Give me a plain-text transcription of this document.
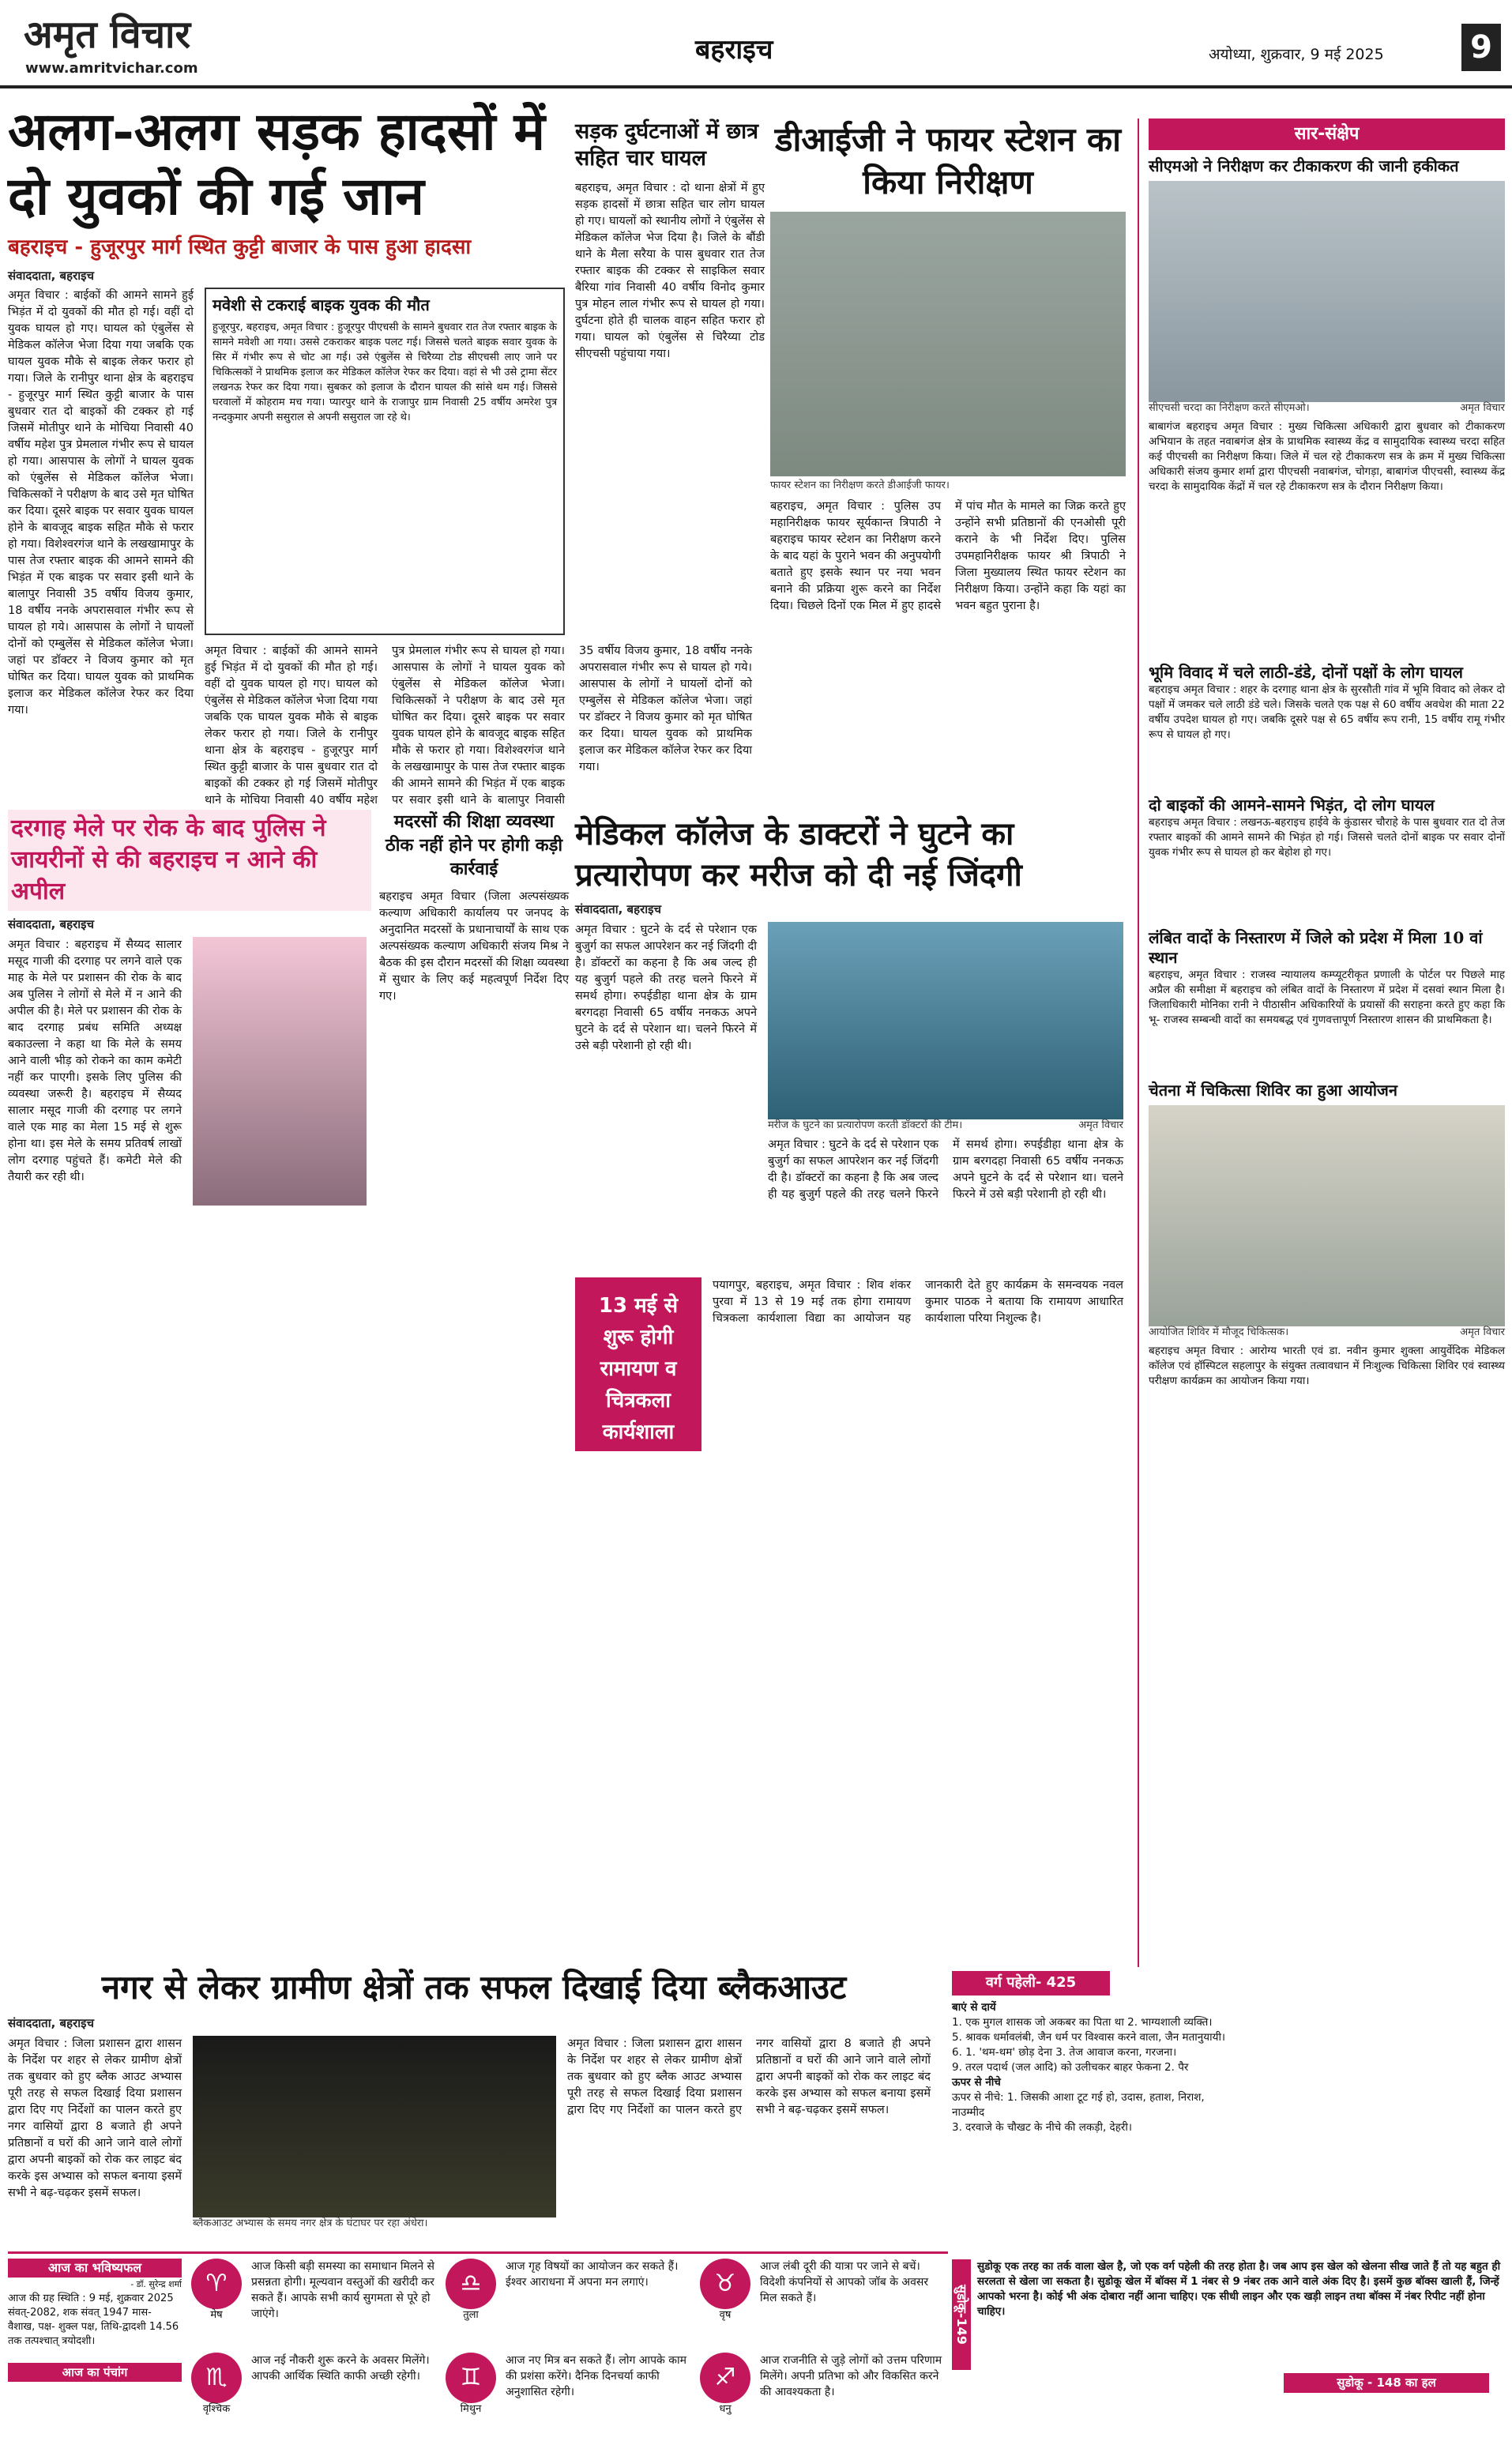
अमृत विचार
www.amritvichar.com
बहराइच	अयोध्या, शुक्रवार, 9 मई 2025	9
अलग-अलग सड़क हादसों में दो युवकों की गई जान
बहराइच - हुजूरपुर मार्ग स्थित कुट्टी बाजार के पास हुआ हादसा
संवाददाता, बहराइच
अमृत विचार : बाईकों की आमने सामने हुई भिड़ंत में दो युवकों की मौत हो गई। वहीं दो युवक घायल हो गए। घायल को एंबुलेंस से मेडिकल कॉलेज भेजा दिया गया जबकि एक घायल युवक मौके से बाइक लेकर फरार हो गया। जिले के रानीपुर थाना क्षेत्र के बहराइच - हुजूरपुर मार्ग स्थित कुट्टी बाजार के पास बुधवार रात दो बाइकों की टक्कर हो गई जिसमें मोतीपुर थाने के मोचिया निवासी 40 वर्षीय महेश पुत्र प्रेमलाल गंभीर रूप से घायल हो गया। आसपास के लोगों ने घायल युवक को एंबुलेंस से मेडिकल कॉलेज भेजा। चिकित्सकों ने परीक्षण के बाद उसे मृत घोषित कर दिया। दूसरे बाइक पर सवार युवक घायल होने के बावजूद बाइक सहित मौके से फरार हो गया। विशेश्वरगंज थाने के लखखामापुर के पास तेज रफ्तार बाइक की आमने सामने की भिड़ंत में एक बाइक पर सवार इसी थाने के बालापुर निवासी 35 वर्षीय विजय कुमार, 18 वर्षीय ननके अपरासवाल गंभीर रूप से घायल हो गये। आसपास के लोगों ने घायलों दोनों को एम्बुलेंस से मेडिकल कॉलेज भेजा। जहां पर डॉक्टर ने विजय कुमार को मृत घोषित कर दिया। घायल युवक को प्राथमिक इलाज कर मेडिकल कॉलेज रेफर कर दिया गया।
मवेशी से टकराई बाइक युवक की मौत
हुजूरपुर, बहराइच, अमृत विचार : हुजूरपुर पीएचसी के सामने बुधवार रात तेज रफ्तार बाइक के सामने मवेशी आ गया। उससे टकराकर बाइक पलट गई। जिससे चलते बाइक सवार युवक के सिर में गंभीर रूप से चोट आ गई। उसे एंबुलेंस से चिरैय्या टोड सीएचसी लाए जाने पर चिकित्सकों ने प्राथमिक इलाज कर मेडिकल कॉलेज रेफर कर दिया। वहां से भी उसे ट्रामा सेंटर लखनऊ रेफर कर दिया गया। सुबकर को इलाज के दौरान घायल की सांसे थम गई। जिससे घरवालों में कोहराम मच गया। प्यारपुर थाने के राजापुर ग्राम निवासी 25 वर्षीय अमरेश पुत्र नन्दकुमार अपनी ससुराल से अपनी ससुराल जा रहे थे।
अमृत विचार : बाईकों की आमने सामने हुई भिड़ंत में दो युवकों की मौत हो गई। वहीं दो युवक घायल हो गए। घायल को एंबुलेंस से मेडिकल कॉलेज भेजा दिया गया जबकि एक घायल युवक मौके से बाइक लेकर फरार हो गया। जिले के रानीपुर थाना क्षेत्र के बहराइच - हुजूरपुर मार्ग स्थित कुट्टी बाजार के पास बुधवार रात दो बाइकों की टक्कर हो गई जिसमें मोतीपुर थाने के मोचिया निवासी 40 वर्षीय महेश पुत्र प्रेमलाल गंभीर रूप से घायल हो गया। आसपास के लोगों ने घायल युवक को एंबुलेंस से मेडिकल कॉलेज भेजा। चिकित्सकों ने परीक्षण के बाद उसे मृत घोषित कर दिया। दूसरे बाइक पर सवार युवक घायल होने के बावजूद बाइक सहित मौके से फरार हो गया। विशेश्वरगंज थाने के लखखामापुर के पास तेज रफ्तार बाइक की आमने सामने की भिड़ंत में एक बाइक पर सवार इसी थाने के बालापुर निवासी 35 वर्षीय विजय कुमार, 18 वर्षीय ननके अपरासवाल गंभीर रूप से घायल हो गये। आसपास के लोगों ने घायलों दोनों को एम्बुलेंस से मेडिकल कॉलेज भेजा। जहां पर डॉक्टर ने विजय कुमार को मृत घोषित कर दिया। घायल युवक को प्राथमिक इलाज कर मेडिकल कॉलेज रेफर कर दिया गया।
सड़क दुर्घटनाओं में छात्र सहित चार घायल
बहराइच, अमृत विचार : दो थाना क्षेत्रों में हुए सड़क हादसों में छात्रा सहित चार लोग घायल हो गए। घायलों को स्थानीय लोगों ने एंबुलेंस से मेडिकल कॉलेज भेज दिया है। जिले के बौंडी थाने के मैला सरैया के पास बुधवार रात तेज रफ्तार बाइक की टक्कर से साइकिल सवार बैरिया गांव निवासी 40 वर्षीय विनोद कुमार पुत्र मोहन लाल गंभीर रूप से घायल हो गया। दुर्घटना होते ही चालक वाहन सहित फरार हो गया। घायल को एंबुलेंस से चिरैय्या टोड सीएचसी पहुंचाया गया।
डीआईजी ने फायर स्टेशन का किया निरीक्षण
फायर स्टेशन का निरीक्षण करते डीआईजी फायर।
बहराइच, अमृत विचार : पुलिस उप महानिरीक्षक फायर सूर्यकान्त त्रिपाठी ने बहराइच फायर स्टेशन का निरीक्षण करने के बाद यहां के पुराने भवन की अनुपयोगी बताते हुए इसके स्थान पर नया भवन बनाने की प्रक्रिया शुरू करने का निर्देश दिया। चिछले दिनों एक मिल में हुए हादसे में पांच मौत के मामले का जिक्र करते हुए उन्होंने सभी प्रतिष्ठानों की एनओसी पूरी कराने के भी निर्देश दिए। पुलिस उपमहानिरीक्षक फायर श्री त्रिपाठी ने जिला मुख्यालय स्थित फायर स्टेशन का निरीक्षण किया। उन्होंने कहा कि यहां का भवन बहुत पुराना है।
सार-संक्षेप
सीएमओ ने निरीक्षण कर टीकाकरण की जानी हकीकत
सीएचसी चरदा का निरीक्षण करते सीएमओ।	अमृत विचार
बाबागंज बहराइच अमृत विचार : मुख्य चिकित्सा अधिकारी द्वारा बुधवार को टीकाकरण अभियान के तहत नवाबगंज क्षेत्र के प्राथमिक स्वास्थ्य केंद्र व सामुदायिक स्वास्थ्य चरदा सहित कई पीएचसी का निरीक्षण किया। जिले में चल रहे टीकाकरण सत्र के क्रम में मुख्य चिकित्सा अधिकारी संजय कुमार शर्मा द्वारा पीएचसी नवाबगंज, चोगड़ा, बाबागंज पीएचसी, स्वास्थ्य केंद्र चरदा के सामुदायिक केंद्रों में चल रहे टीकाकरण सत्र के दौरान निरीक्षण किया।
भूमि विवाद में चले लाठी-डंडे, दोनों पक्षों के लोग घायल
बहराइच अमृत विचार : शहर के दरगाह थाना क्षेत्र के सुरसौती गांव में भूमि विवाद को लेकर दो पक्षों में जमकर चले लाठी डंडे चले। जिसके चलते एक पक्ष से 60 वर्षीय अवधेश की माता 22 वर्षीय उपदेश घायल हो गए। जबकि दूसरे पक्ष से 65 वर्षीय रूप रानी, 15 वर्षीय रामू गंभीर रूप से घायल हो गए।
दो बाइकों की आमने-सामने भिड़ंत, दो लोग घायल
बहराइच अमृत विचार : लखनऊ-बहराइच हाईवे के कुंडासर चौराहे के पास बुधवार रात दो तेज रफ्तार बाइकों की आमने सामने की भिड़ंत हो गई। जिससे चलते दोनों बाइक पर सवार दोनों युवक गंभीर रूप से घायल हो कर बेहोश हो गए।
लंबित वादों के निस्तारण में जिले को प्रदेश में मिला 10 वां स्थान
बहराइच, अमृत विचार : राजस्व न्यायालय कम्प्यूटरीकृत प्रणाली के पोर्टल पर पिछले माह अप्रैल की समीक्षा में बहराइच को लंबित वादों के निस्तारण में प्रदेश में दसवां स्थान मिला है। जिलाधिकारी मोनिका रानी ने पीठासीन अधिकारियों के प्रयासों की सराहना करते हुए कहा कि भू- राजस्व सम्बन्धी वादों का समयबद्ध एवं गुणवत्तापूर्ण निस्तारण शासन की प्राथमिकता है।
चेतना में चिकित्सा शिविर का हुआ आयोजन
आयोजित शिविर में मौजूद चिकित्सक।	अमृत विचार
बहराइच अमृत विचार : आरोग्य भारती एवं डा. नवीन कुमार शुक्ला आयुर्वेदिक मेडिकल कॉलेज एवं हॉस्पिटल सहलापुर के संयुक्त तत्वावधान में निःशुल्क चिकित्सा शिविर एवं स्वास्थ्य परीक्षण कार्यक्रम का आयोजन किया गया।
दरगाह मेले पर रोक के बाद पुलिस ने जायरीनों से की बहराइच न आने की अपील
संवाददाता, बहराइच
अमृत विचार : बहराइच में सैय्यद सालार मसूद गाजी की दरगाह पर लगने वाले एक माह के मेले पर प्रशासन की रोक के बाद अब पुलिस ने लोगों से मेले में न आने की अपील की है। मेले पर प्रशासन की रोक के बाद दरगाह प्रबंध समिति अध्यक्ष बकाउल्ला ने कहा था कि मेले के समय आने वाली भीड़ को रोकने का काम कमेटी नहीं कर पाएगी। इसके लिए पुलिस की व्यवस्था जरूरी है। बहराइच में सैय्यद सालार मसूद गाजी की दरगाह पर लगने वाले एक माह का मेला 15 मई से शुरू होना था। इस मेले के समय प्रतिवर्ष लाखों लोग दरगाह पहुंचते हैं। कमेटी मेले की तैयारी कर रही थी।
मदरसों की शिक्षा व्यवस्था ठीक नहीं होने पर होगी कड़ी कार्रवाई
बहराइच अमृत विचार (जिला अल्पसंख्यक कल्याण अधिकारी कार्यालय पर जनपद के अनुदानित मदरसों के प्रधानाचार्यों के साथ एक अल्पसंख्यक कल्याण अधिकारी संजय मिश्र ने बैठक की इस दौरान मदरसों की शिक्षा व्यवस्था में सुधार के लिए कई महत्वपूर्ण निर्देश दिए गए।
मेडिकल कॉलेज के डाक्टरों ने घुटने का प्रत्यारोपण कर मरीज को दी नई जिंदगी
संवाददाता, बहराइच
अमृत विचार : घुटने के दर्द से परेशान एक बुजुर्ग का सफल आपरेशन कर नई जिंदगी दी है। डॉक्टरों का कहना है कि अब जल्द ही यह बुजुर्ग पहले की तरह चलने फिरने में समर्थ होगा। रुपईडीहा थाना क्षेत्र के ग्राम बरगदहा निवासी 65 वर्षीय ननकऊ अपने घुटने के दर्द से परेशान था। चलने फिरने में उसे बड़ी परेशानी हो रही थी।
मरीज के घुटने का प्रत्यारोपण करती डॉक्टरों की टीम।	अमृत विचार
अमृत विचार : घुटने के दर्द से परेशान एक बुजुर्ग का सफल आपरेशन कर नई जिंदगी दी है। डॉक्टरों का कहना है कि अब जल्द ही यह बुजुर्ग पहले की तरह चलने फिरने में समर्थ होगा। रुपईडीहा थाना क्षेत्र के ग्राम बरगदहा निवासी 65 वर्षीय ननकऊ अपने घुटने के दर्द से परेशान था। चलने फिरने में उसे बड़ी परेशानी हो रही थी।
13 मई से शुरू होगी रामायण व चित्रकला कार्यशाला
पयागपुर, बहराइच, अमृत विचार : शिव शंकर पुरवा में 13 से 19 मई तक होगा रामायण चित्रकला कार्यशाला विद्या का आयोजन यह जानकारी देते हुए कार्यक्रम के समन्वयक नवल कुमार पाठक ने बताया कि रामायण आधारित कार्यशाला परिया निशुल्क है।
नगर से लेकर ग्रामीण क्षेत्रों तक सफल दिखाई दिया ब्लैकआउट
संवाददाता, बहराइच
अमृत विचार : जिला प्रशासन द्वारा शासन के निर्देश पर शहर से लेकर ग्रामीण क्षेत्रों तक बुधवार को हुए ब्लैक आउट अभ्यास पूरी तरह से सफल दिखाई दिया प्रशासन द्वारा दिए गए निर्देशों का पालन करते हुए नगर वासियों द्वारा 8 बजाते ही अपने प्रतिष्ठानों व घरों की आने जाने वाले लोगों द्वारा अपनी बाइकों को रोक कर लाइट बंद करके इस अभ्यास को सफल बनाया इसमें सभी ने बढ़-चढ़कर इसमें सफल।
ब्लैकआउट अभ्यास के समय नगर क्षेत्र के घंटाघर पर रहा अंधेरा।
अमृत विचार : जिला प्रशासन द्वारा शासन के निर्देश पर शहर से लेकर ग्रामीण क्षेत्रों तक बुधवार को हुए ब्लैक आउट अभ्यास पूरी तरह से सफल दिखाई दिया प्रशासन द्वारा दिए गए निर्देशों का पालन करते हुए नगर वासियों द्वारा 8 बजाते ही अपने प्रतिष्ठानों व घरों की आने जाने वाले लोगों द्वारा अपनी बाइकों को रोक कर लाइट बंद करके इस अभ्यास को सफल बनाया इसमें सभी ने बढ़-चढ़कर इसमें सफल।
वर्ग पहेली- 425
बाएं से दायें
1. एक मुगल शासक जो अकबर का पिता था 2. भाग्यशाली व्यक्ति।
5. श्रावक धर्मावलंबी, जैन धर्म पर विश्वास करने वाला, जैन मतानुयायी।
6. 1. 'थम-थम' छोड़ देना 3. तेज आवाज करना, गरजना।
9. तरल पदार्थ (जल आदि) को उलीचकर बाहर फेकना 2. पैर
ऊपर से नीचे
ऊपर से नीचे: 1. जिसकी आशा टूट गई हो, उदास, हताश, निराश, नाउम्मीद
3. दरवाजे के चौखट के नीचे की लकड़ी, देहरी।
आज का भविष्यफल
- डॉ. सुरेन्द्र शर्मा
आज की ग्रह स्थिति : 9 मई, शुक्रवार 2025 संवत्-2082, शक संवत् 1947 मास- वैशाख, पक्ष- शुक्ल पक्ष, तिथि-द्वादशी 14.56 तक तत्पश्चात् त्रयोदशी।
आज का पंचांग
♈
मेष
आज किसी बड़ी समस्या का समाधान मिलने से प्रसन्नता होगी। मूल्यवान वस्तुओं की खरीदी कर सकते हैं। आपके सभी कार्य सुगमता से पूरे हो जाएंगे।
♎
तुला
आज गृह विषयों का आयोजन कर सकते हैं। ईश्वर आराधना में अपना मन लगाएं।	♉
वृष
आज लंबी दूरी की यात्रा पर जाने से बचें। विदेशी कंपनियों से आपको जॉब के अवसर मिल सकते हैं।
♏
वृश्चिक
आज नई नौकरी शुरू करने के अवसर मिलेंगे। आपकी आर्थिक स्थिति काफी अच्छी रहेगी।	♊
मिथुन
आज नए मित्र बन सकते हैं। लोग आपके काम की प्रशंसा करेंगे। दैनिक दिनचर्या काफी अनुशासित रहेगी।
♐
धनु
आज राजनीति से जुड़े लोगों को उत्तम परिणाम मिलेंगे। अपनी प्रतिभा को और विकसित करने की आवश्यकता है।
सुडोकू-149
सुडोकू एक तरह का तर्क वाला खेल है, जो एक वर्ग पहेली की तरह होता है। जब आप इस खेल को खेलना सीख जाते हैं तो यह बहुत ही सरलता से खेला जा सकता है। सुडोकू खेल में बॉक्स में 1 नंबर से 9 नंबर तक आने वाले अंक दिए है। इसमें कुछ बॉक्स खाली हैं, जिन्हें आपको भरना है। कोई भी अंक दोबारा नहीं आना चाहिए। एक सीधी लाइन और एक खड़ी लाइन तथा बॉक्स में नंबर रिपीट नहीं होना चाहिए।
सुडोकू - 148 का हल
